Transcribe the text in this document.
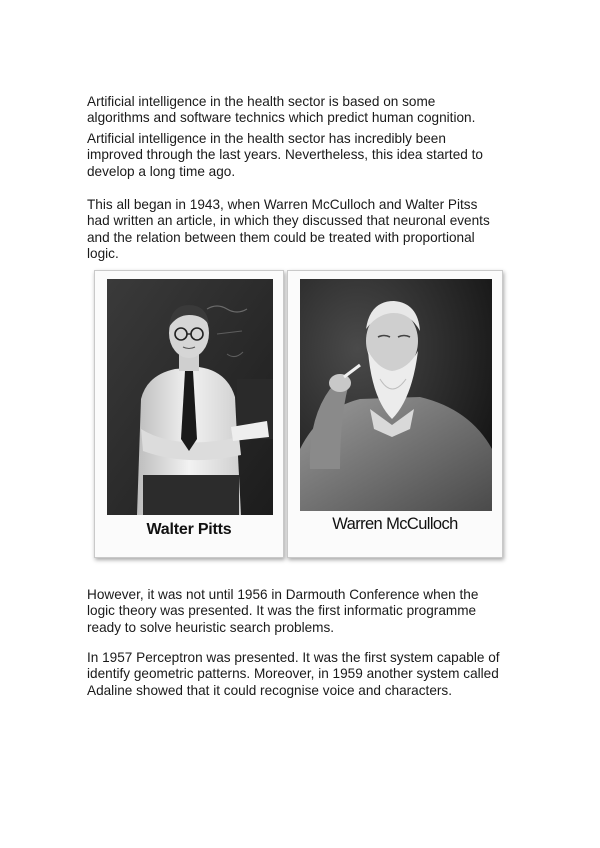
Artificial intelligence in the health sector is based on some
algorithms and software technics which predict human cognition.

Artificial intelligence in the health sector has incredibly been
improved through the last years. Nevertheless, this idea started to
develop a long time ago.

This all began in 1943, when Warren McCulloch and Walter Pitss
had written an article, in which they discussed that neuronal events
and the relation between them could be treated with proportional
logic.

Walter Pitts	Warren McCulloch

However, it was not until 1956 in Darmouth Conference when the
logic theory was presented. It was the first informatic programme
ready to solve heuristic search problems.

In 1957 Perceptron was presented. It was the first system capable of
identify geometric patterns. Moreover, in 1959 another system called
Adaline showed that it could recognise voice and characters.
